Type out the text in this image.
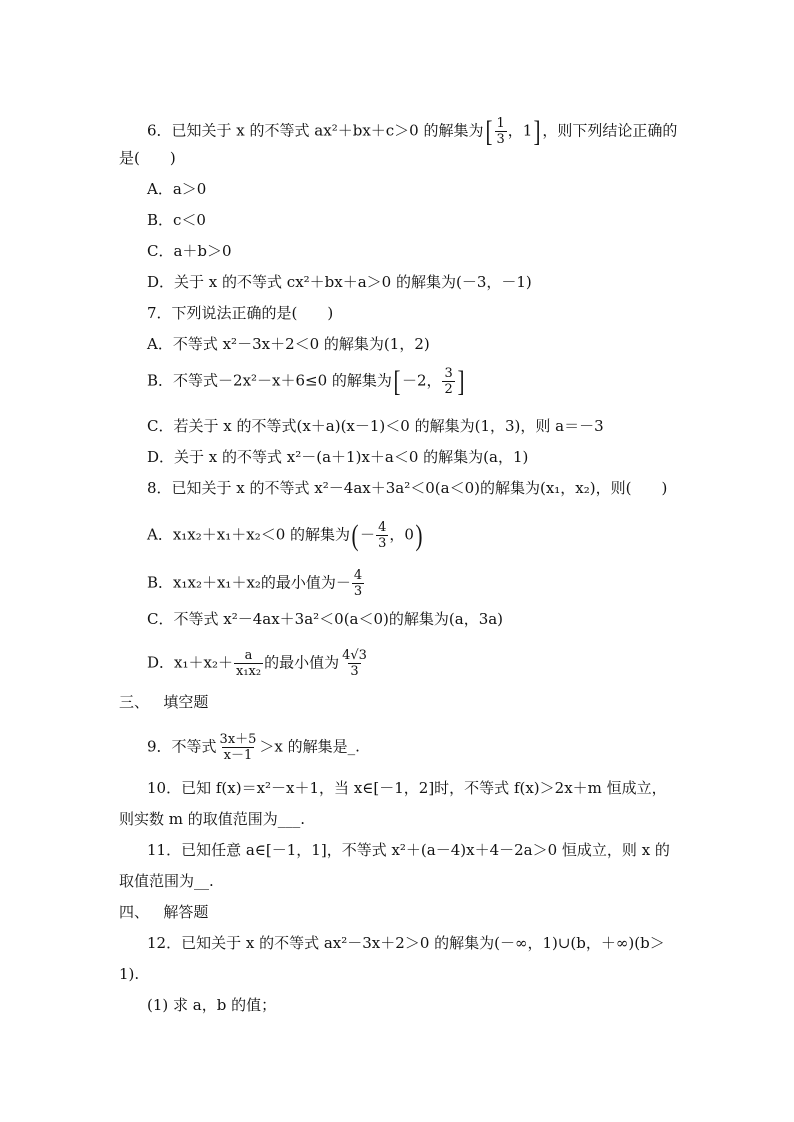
6．已知关于 x 的不等式 ax²＋bx＋c＞0 的解集为[ $\frac{1}{3}$ ，1] ，则下列结论正确的
是(　　)
A．a＞0
B．c＜0
C．a＋b＞0
D．关于 x 的不等式 cx²＋bx＋a＞0 的解集为(－3，－1)
7．下列说法正确的是(　　)
A．不等式 x²－3x＋2＜0 的解集为(1，2)
B．不等式－2x²－x＋6≤0 的解集为[ －2， $\frac{3}{2}$ ]
C．若关于 x 的不等式(x＋a)(x－1)＜0 的解集为(1，3)，则 a＝－3
D．关于 x 的不等式 x²－(a＋1)x＋a＜0 的解集为(a，1)
8．已知关于 x 的不等式 x²－4ax＋3a²＜0(a＜0)的解集为(x₁，x₂)，则(　　)
A．x₁x₂＋x₁＋x₂＜0 的解集为( － $\frac{4}{3}$ ，0)
B．x₁x₂＋x₁＋x₂的最小值为－ $\frac{4}{3}$
C．不等式 x²－4ax＋3a²＜0(a＜0)的解集为(a，3a)
D．$x_1+x_2+ \frac{a}{\text{x₁x₂}}$ 的最小值为 $\frac{4√3}{3}$
三、 填空题
9．不等式 $\frac{3x+5}{x-1} >x$ 的解集是_.
10．已知 f(x)＝x²－x＋1，当 x∈[－1，2]时，不等式 f(x)＞2x＋m 恒成立，
则实数 m 的取值范围为___.
11．已知任意 a∈[－1，1]，不等式 x²＋(a－4)x＋4－2a＞0 恒成立，则 x 的
取值范围为__.
四、 解答题
12．已知关于 x 的不等式 ax²－3x＋2＞0 的解集为(－∞，1)∪(b，＋∞)(b＞
1).
(1) 求 a，b 的值；
